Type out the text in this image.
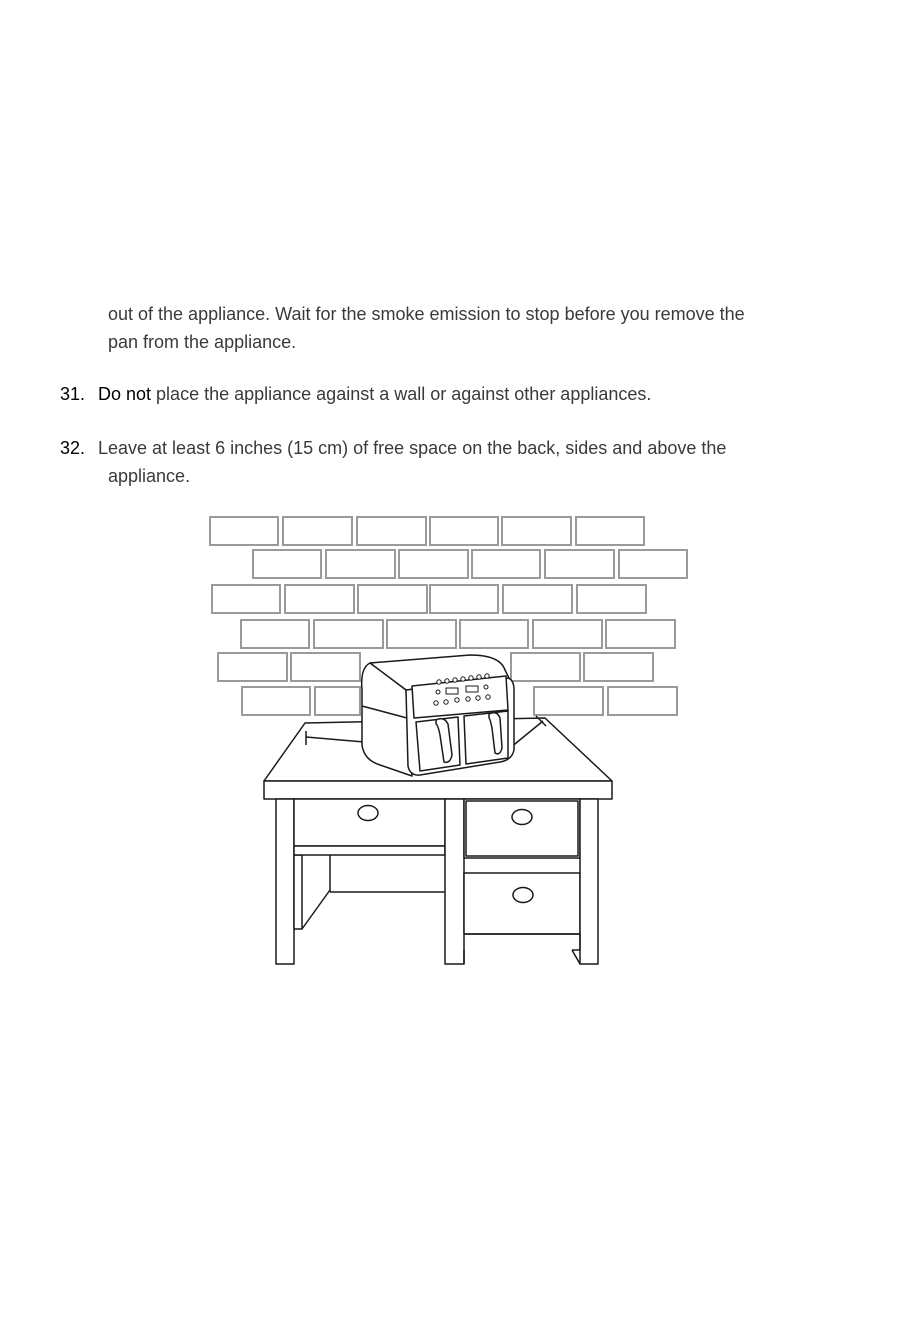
out of the appliance. Wait for the smoke emission to stop before you remove the

pan from the appliance.

31. Do not place the appliance against a wall or against other appliances.

32. Leave at least 6 inches (15 cm) of free space on the back, sides and above the

appliance.
